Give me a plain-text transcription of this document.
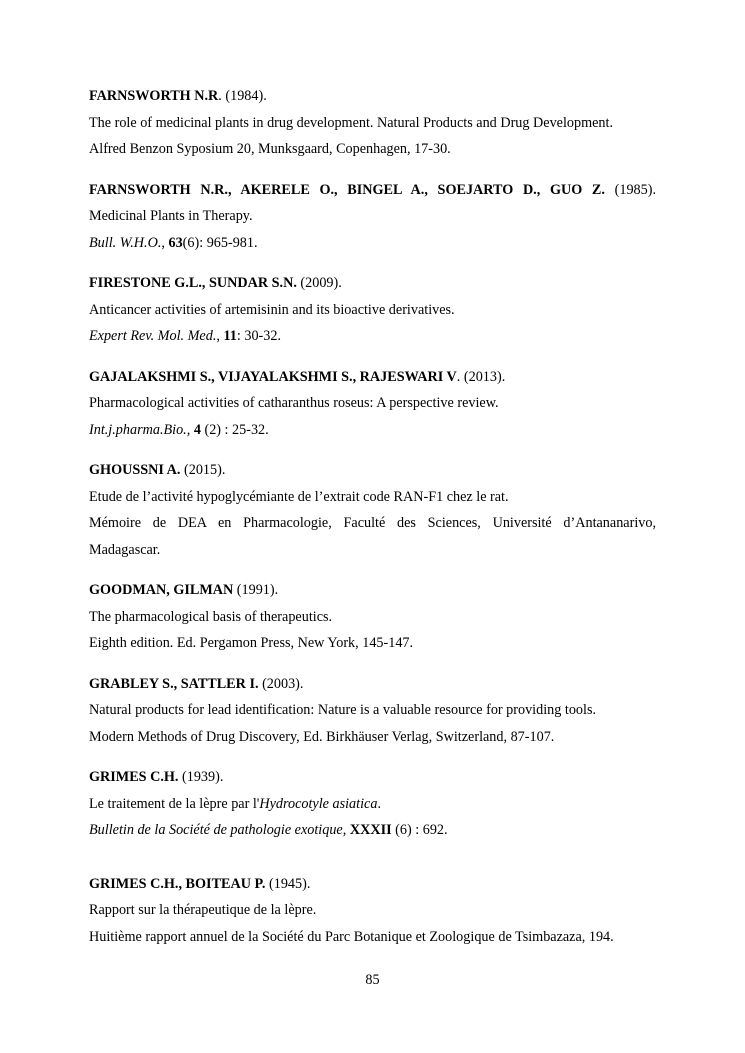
FARNSWORTH N.R. (1984).
The role of medicinal plants in drug development. Natural Products and Drug Development.
Alfred Benzon Syposium 20, Munksgaard, Copenhagen, 17-30.
FARNSWORTH N.R., AKERELE O., BINGEL A., SOEJARTO D., GUO Z. (1985).
Medicinal Plants in Therapy.
Bull. W.H.O., 63(6): 965-981.
FIRESTONE G.L., SUNDAR S.N. (2009).
Anticancer activities of artemisinin and its bioactive derivatives.
Expert Rev. Mol. Med., 11: 30-32.
GAJALAKSHMI S., VIJAYALAKSHMI S., RAJESWARI V. (2013).
Pharmacological activities of catharanthus roseus: A perspective review.
Int.j.pharma.Bio., 4 (2) : 25-32.
GHOUSSNI A. (2015).
Etude de l’activité hypoglycémiante de l’extrait code RAN-F1 chez le rat.
Mémoire de DEA en Pharmacologie, Faculté des Sciences, Université d’Antananarivo,
Madagascar.
GOODMAN, GILMAN (1991).
The pharmacological basis of therapeutics.
Eighth edition. Ed. Pergamon Press, New York, 145-147.
GRABLEY S., SATTLER I. (2003).
Natural products for lead identification: Nature is a valuable resource for providing tools.
Modern Methods of Drug Discovery, Ed. Birkhäuser Verlag, Switzerland, 87-107.
GRIMES C.H. (1939).
Le traitement de la lèpre par l'Hydrocotyle asiatica.
Bulletin de la Société de pathologie exotique, XXXII (6) : 692.
GRIMES C.H., BOITEAU P. (1945).
Rapport sur la thérapeutique de la lèpre.
Huitième rapport annuel de la Société du Parc Botanique et Zoologique de Tsimbazaza, 194.
85
